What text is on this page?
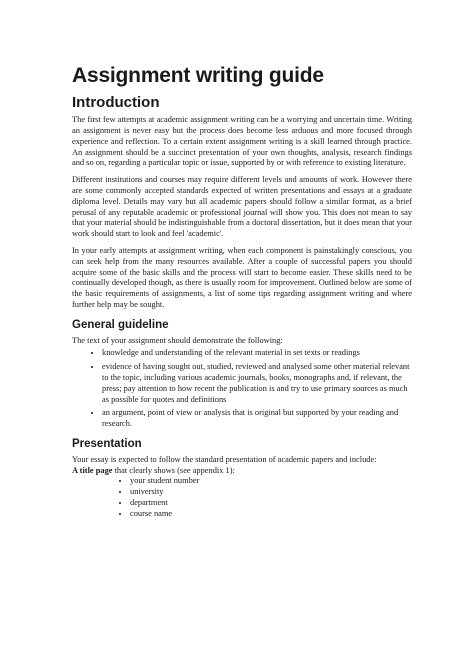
Assignment writing guide
Introduction

The first few attempts at academic assignment writing can be a worrying and uncertain time. Writing an assignment is never easy but the process does become less arduous and more focused through experience and reflection. To a certain extent assignment writing is a skill learned through practice. An assignment should be a succinct presentation of your own thoughts, analysis, research findings and so on, regarding a particular topic or issue, supported by or with reference to existing literature.

Different institutions and courses may require different levels and amounts of work. However there are some commonly accepted standards expected of written presentations and essays at a graduate diploma level. Details may vary but all academic papers should follow a similar format, as a brief perusal of any reputable academic or professional journal will show you. This does not mean to say that your material should be indistinguishable from a doctoral dissertation, but it does mean that your work should start to look and feel 'academic'.

In your early attempts at assignment writing, when each component is painstakingly conscious, you can seek help from the many resources available. After a couple of successful papers you should acquire some of the basic skills and the process will start to become easier. These skills need to be continually developed though, as there is usually room for improvement. Outlined below are some of the basic requirements of assignments, a list of some tips regarding assignment writing and where further help may be sought.

General guideline

The text of your assignment should demonstrate the following:

• knowledge and understanding of the relevant material in set texts or readings
• evidence of having sought out, studied, reviewed and analysed some other material relevant to the topic, including various academic journals, books, monographs and, if relevant, the press; pay attention to how recent the publication is and try to use primary sources as much as possible for quotes and definitions
• an argument, point of view or analysis that is original but supported by your reading and research.
Presentation

Your essay is expected to follow the standard presentation of academic papers and include:

A title page that clearly shows (see appendix 1):

• your student number
• university
• department
• course name
